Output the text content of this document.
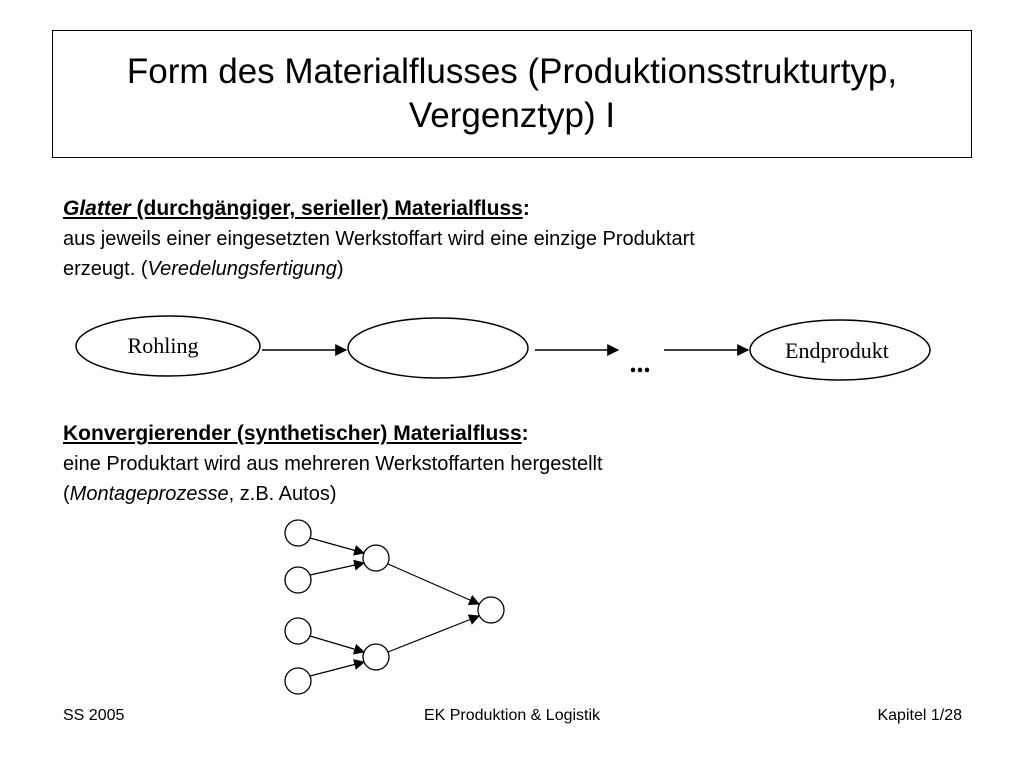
Form des Materialflusses (Produktionsstrukturtyp,
Vergenztyp) I
Glatter (durchgängiger, serieller) Materialfluss:
aus jeweils einer eingesetzten Werkstoffart wird eine einzige Produktart
erzeugt. (Veredelungsfertigung)
Konvergierender (synthetischer) Materialfluss:
eine Produktart wird aus mehreren Werkstoffarten hergestellt
(Montageprozesse, z.B. Autos)
Rohling
...	Endprodukt
SS 2005	EK Produktion & Logistik	Kapitel 1/28
